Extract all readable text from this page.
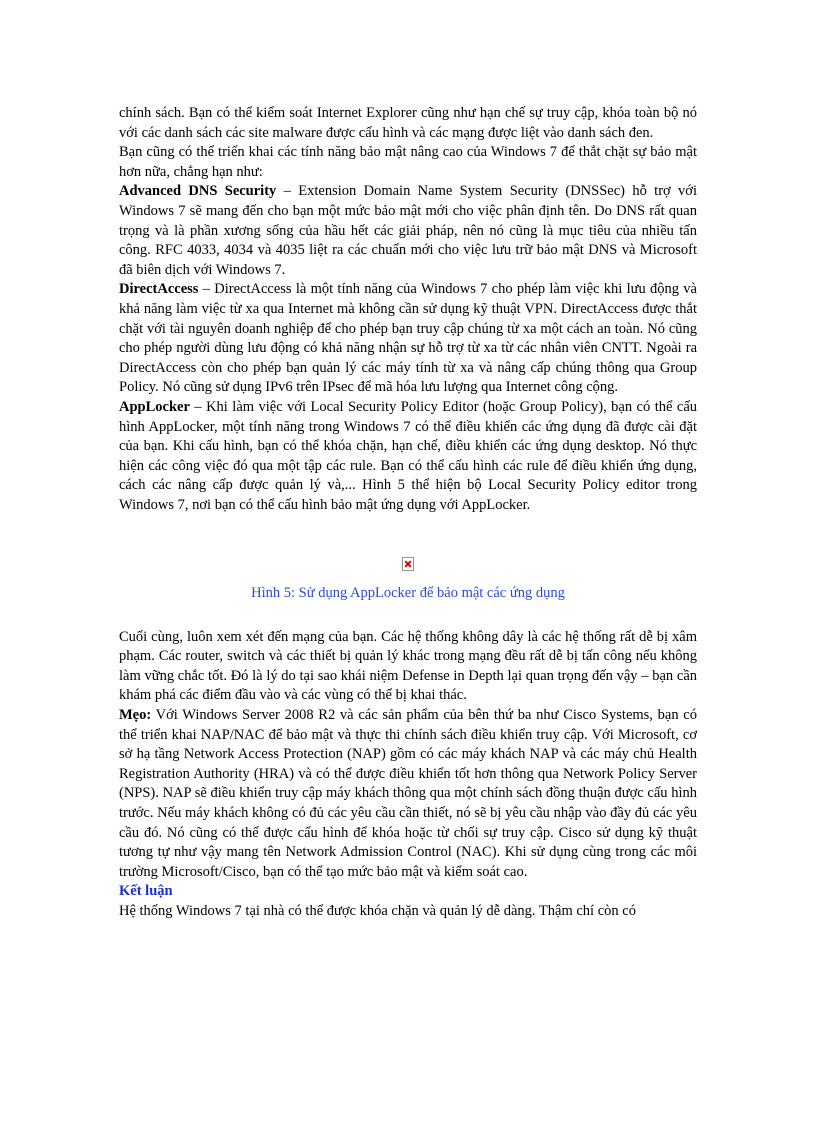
chính sách. Bạn có thể kiểm soát Internet Explorer cũng như hạn chế sự truy cập, khóa toàn bộ nó với các danh sách các site malware được cấu hình và các mạng được liệt vào danh sách đen.

Bạn cũng có thể triển khai các tính năng bảo mật nâng cao của Windows 7 để thắt chặt sự bảo mật hơn nữa, chẳng hạn như:

Advanced DNS Security – Extension Domain Name System Security (DNSSec) hỗ trợ với Windows 7 sẽ mang đến cho bạn một mức bảo mật mới cho việc phân định tên. Do DNS rất quan trọng và là phần xương sống của hầu hết các giải pháp, nên nó cũng là mục tiêu của nhiều tấn công. RFC 4033, 4034 và 4035 liệt ra các chuẩn mới cho việc lưu trữ bảo mật DNS và Microsoft đã biên dịch với Windows 7.

DirectAccess – DirectAccess là một tính năng của Windows 7 cho phép làm việc khi lưu động và khả năng làm việc từ xa qua Internet mà không cần sử dụng kỹ thuật VPN. DirectAccess được thắt chặt với tài nguyên doanh nghiệp để cho phép bạn truy cập chúng từ xa một cách an toàn. Nó cũng cho phép người dùng lưu động có khả năng nhận sự hỗ trợ từ xa từ các nhân viên CNTT. Ngoài ra DirectAccess còn cho phép bạn quản lý các máy tính từ xa và nâng cấp chúng thông qua Group Policy. Nó cũng sử dụng IPv6 trên IPsec để mã hóa lưu lượng qua Internet công cộng.

AppLocker – Khi làm việc với Local Security Policy Editor (hoặc Group Policy), bạn có thể cấu hình AppLocker, một tính năng trong Windows 7 có thể điều khiển các ứng dụng đã được cài đặt của bạn. Khi cấu hình, bạn có thể khóa chặn, hạn chế, điều khiển các ứng dụng desktop. Nó thực hiện các công việc đó qua một tập các rule. Bạn có thể cấu hình các rule để điều khiển ứng dụng, cách các nâng cấp được quản lý và,... Hình 5 thể hiện bộ Local Security Policy editor trong Windows 7, nơi bạn có thể cấu hình bảo mật ứng dụng với AppLocker.

Hình 5: Sử dụng AppLocker để bảo mật các ứng dụng

Cuối cùng, luôn xem xét đến mạng của bạn. Các hệ thống không dây là các hệ thống rất dễ bị xâm phạm. Các router, switch và các thiết bị quản lý khác trong mạng đều rất dễ bị tấn công nếu không làm vững chắc tốt. Đó là lý do tại sao khái niệm Defense in Depth lại quan trọng đến vậy – bạn cần khám phá các điểm đầu vào và các vùng có thể bị khai thác.

Mẹo: Với Windows Server 2008 R2 và các sản phẩm của bên thứ ba như Cisco Systems, bạn có thể triển khai NAP/NAC để bảo mật và thực thi chính sách điều khiển truy cập. Với Microsoft, cơ sở hạ tầng Network Access Protection (NAP) gồm có các máy khách NAP và các máy chủ Health Registration Authority (HRA) và có thể được điều khiển tốt hơn thông qua Network Policy Server (NPS). NAP sẽ điều khiển truy cập máy khách thông qua một chính sách đồng thuận được cấu hình trước. Nếu máy khách không có đủ các yêu cầu cần thiết, nó sẽ bị yêu cầu nhập vào đầy đủ các yêu cầu đó. Nó cũng có thể được cấu hình để khóa hoặc từ chối sự truy cập. Cisco sử dụng kỹ thuật tương tự như vậy mang tên Network Admission Control (NAC). Khi sử dụng cùng trong các môi trường Microsoft/Cisco, bạn có thể tạo mức bảo mật và kiểm soát cao.

Kết luận

Hệ thống Windows 7 tại nhà có thể được khóa chặn và quản lý dễ dàng. Thậm chí còn có
